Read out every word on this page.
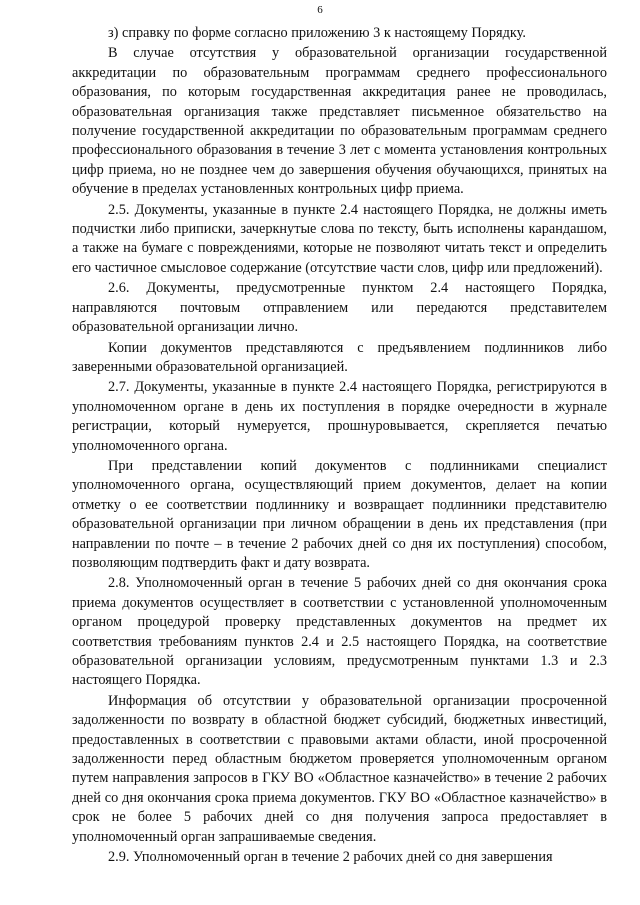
6

з) справку по форме согласно приложению 3 к настоящему Порядку.

В случае отсутствия у образовательной организации государственной аккредитации по образовательным программам среднего профессионального образования, по которым государственная аккредитация ранее не проводилась, образовательная организация также представляет письменное обязательство на получение государственной аккредитации по образовательным программам среднего профессионального образования в течение 3 лет с момента установления контрольных цифр приема, но не позднее чем до завершения обучения обучающихся, принятых на обучение в пределах установленных контрольных цифр приема.

2.5. Документы, указанные в пункте 2.4 настоящего Порядка, не должны иметь подчистки либо приписки, зачеркнутые слова по тексту, быть исполнены карандашом, а также на бумаге с повреждениями, которые не позволяют читать текст и определить его частичное смысловое содержание (отсутствие части слов, цифр или предложений).

2.6. Документы, предусмотренные пунктом 2.4 настоящего Порядка, направляются почтовым отправлением или передаются представителем образовательной организации лично.

Копии документов представляются с предъявлением подлинников либо заверенными образовательной организацией.

2.7. Документы, указанные в пункте 2.4 настоящего Порядка, регистрируются в уполномоченном органе в день их поступления в порядке очередности в журнале регистрации, который нумеруется, прошнуровывается, скрепляется печатью уполномоченного органа.

При представлении копий документов с подлинниками специалист уполномоченного органа, осуществляющий прием документов, делает на копии отметку о ее соответствии подлиннику и возвращает подлинники представителю образовательной организации при личном обращении в день их представления (при направлении по почте – в течение 2 рабочих дней со дня их поступления) способом, позволяющим подтвердить факт и дату возврата.

2.8. Уполномоченный орган в течение 5 рабочих дней со дня окончания срока приема документов осуществляет в соответствии с установленной уполномоченным органом процедурой проверку представленных документов на предмет их соответствия требованиям пунктов 2.4 и 2.5 настоящего Порядка, на соответствие образовательной организации условиям, предусмотренным пунктами 1.3 и 2.3 настоящего Порядка.

Информация об отсутствии у образовательной организации просроченной задолженности по возврату в областной бюджет субсидий, бюджетных инвестиций, предоставленных в соответствии с правовыми актами области, иной просроченной задолженности перед областным бюджетом проверяется уполномоченным органом путем направления запросов в ГКУ ВО «Областное казначейство» в течение 2 рабочих дней со дня окончания срока приема документов. ГКУ ВО «Областное казначейство» в срок не более 5 рабочих дней со дня получения запроса предоставляет в уполномоченный орган запрашиваемые сведения.

2.9. Уполномоченный орган в течение 2 рабочих дней со дня завершения
